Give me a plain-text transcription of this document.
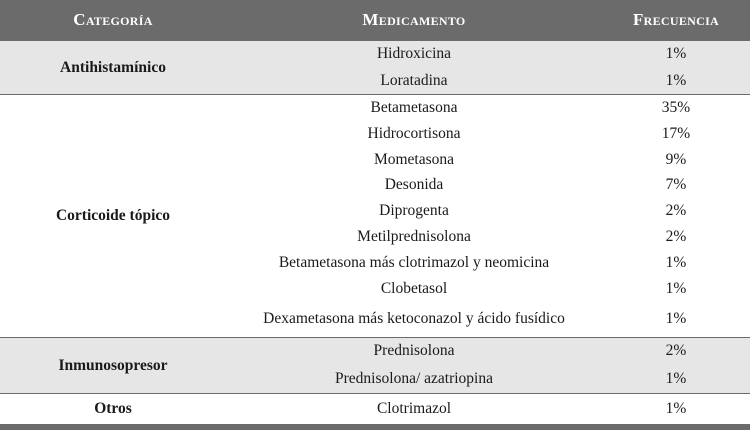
Categoría	Medicamento	Frecuencia
Antihistamínico	Hidroxicina	1%
	Loratadina	1%
Corticoide tópico	Betametasona	35%
	Hidrocortisona	17%
	Mometasona	9%
	Desonida	7%
	Diprogenta	2%
	Metilprednisolona	2%
	Betametasona más clotrimazol y neomicina	1%
	Clobetasol	1%
	Dexametasona más ketoconazol y ácido fusídico	1%
Inmunosopresor	Prednisolona	2%
	Prednisolona/ azatriopina	1%
Otros	Clotrimazol	1%
